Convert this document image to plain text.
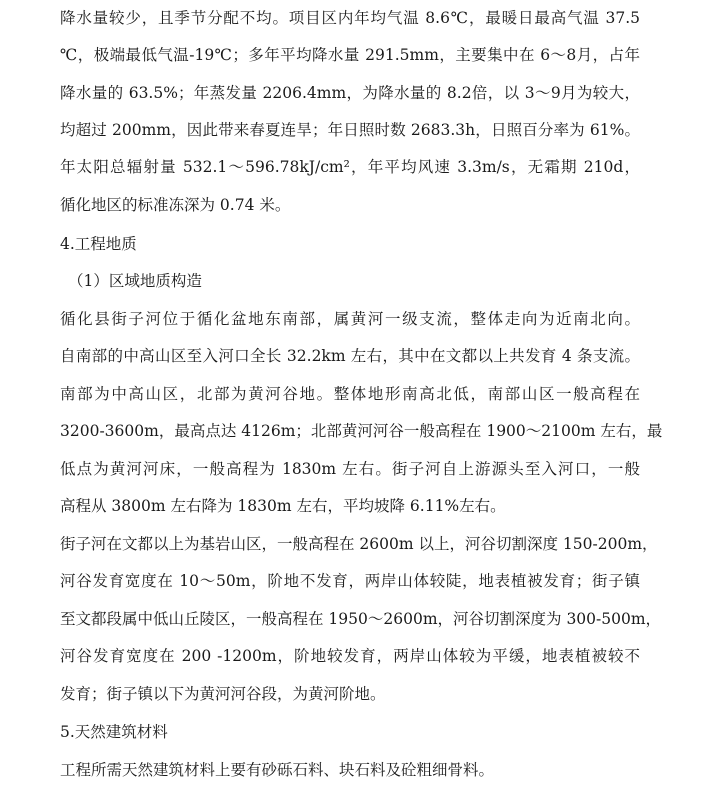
降水量较少，且季节分配不均。项目区内年均气温 8.6℃，最暖日最高气温 37.5
℃，极端最低气温-19℃；多年平均降水量 291.5mm，主要集中在 6～8月，占年
降水量的 63.5%；年蒸发量 2206.4mm，为降水量的 8.2倍，以 3～9月为较大，
均超过 200mm，因此带来春夏连旱；年日照时数 2683.3h，日照百分率为 61%。
年太阳总辐射量 532.1～596.78kJ/cm²，年平均风速 3.3m/s，无霜期 210d，
循化地区的标准冻深为 0.74 米。
4.工程地质
（1）区域地质构造
循化县街子河位于循化盆地东南部，属黄河一级支流，整体走向为近南北向。
自南部的中高山区至入河口全长 32.2km 左右，其中在文都以上共发育 4 条支流。
南部为中高山区，北部为黄河谷地。整体地形南高北低，南部山区一般高程在
3200-3600m，最高点达 4126m；北部黄河河谷一般高程在 1900～2100m 左右，最
低点为黄河河床，一般高程为 1830m 左右。街子河自上游源头至入河口，一般
高程从 3800m 左右降为 1830m 左右，平均坡降 6.11%左右。
街子河在文都以上为基岩山区，一般高程在 2600m 以上，河谷切割深度 150-200m，
河谷发育宽度在 10～50m，阶地不发育，两岸山体较陡，地表植被发育；街子镇
至文都段属中低山丘陵区，一般高程在 1950～2600m，河谷切割深度为 300-500m，
河谷发育宽度在 200 -1200m，阶地较发育，两岸山体较为平缓，地表植被较不
发育；街子镇以下为黄河河谷段，为黄河阶地。
5.天然建筑材料
工程所需天然建筑材料上要有砂砾石料、块石料及砼粗细骨料。
